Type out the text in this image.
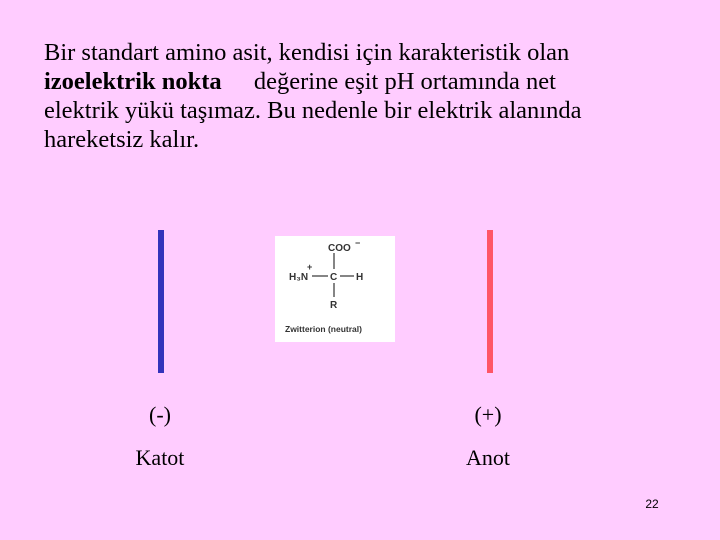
Bir standart amino asit, kendisi için karakteristik olan
izoelektrik nokta değerine eşit pH ortamında net
elektrik yükü taşımaz. Bu nedenle bir elektrik alanında
hareketsiz kalır.
COO −
H₃N
+
C H
R
Zwitterion (neutral)
(-)
Katot
(+)
Anot
22
